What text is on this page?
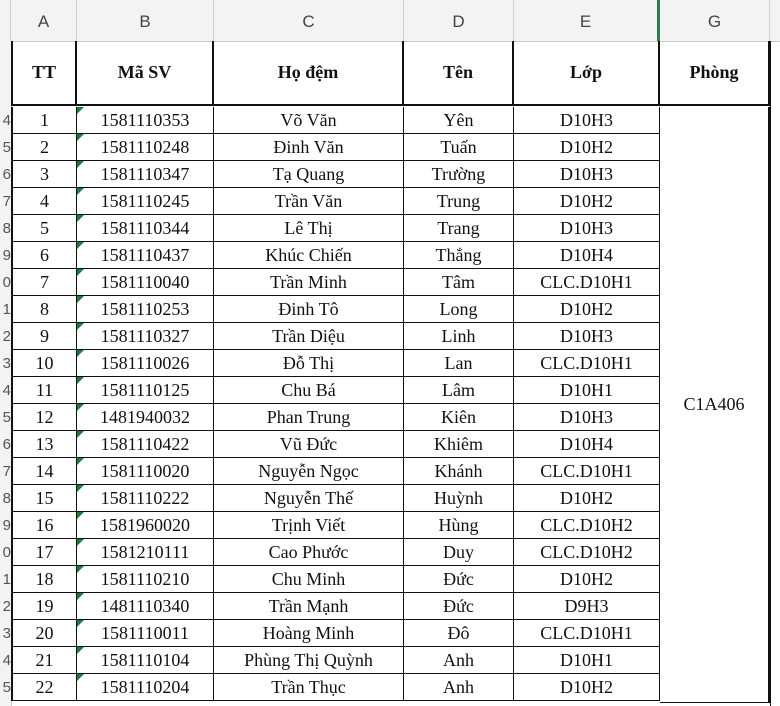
A	B	C	D	E	G
4
5
6
7
8
9
0
1
2
3
4
5
6
7
8
9
0
1
2
3
4
5
TT	Mã SV	Họ đệm	Tên	Lớp	Phòng
1	1581110353	Võ Văn	Yên	D10H3
2	1581110248	Đinh Văn	Tuấn	D10H2
3	1581110347	Tạ Quang	Trường	D10H3
4	1581110245	Trần Văn	Trung	D10H2
5	1581110344	Lê Thị	Trang	D10H3
6	1581110437	Khúc Chiến	Thắng	D10H4
7	1581110040	Trần Minh	Tâm	CLC.D10H1
8	1581110253	Đinh Tô	Long	D10H2
9	1581110327	Trần Diệu	Linh	D10H3
10	1581110026	Đỗ Thị	Lan	CLC.D10H1
11	1581110125	Chu Bá	Lâm	D10H1
12	1481940032	Phan Trung	Kiên	D10H3
13	1581110422	Vũ Đức	Khiêm	D10H4
14	1581110020	Nguyễn Ngọc	Khánh	CLC.D10H1
15	1581110222	Nguyễn Thế	Huỳnh	D10H2
16	1581960020	Trịnh Viết	Hùng	CLC.D10H2
17	1581210111	Cao Phước	Duy	CLC.D10H2
18	1581110210	Chu Minh	Đức	D10H2
19	1481110340	Trần Mạnh	Đức	D9H3
20	1581110011	Hoàng Minh	Đô	CLC.D10H1
21	1581110104	Phùng Thị Quỳnh	Anh	D10H1
22	1581110204	Trần Thục	Anh	D10H2
C1A406
